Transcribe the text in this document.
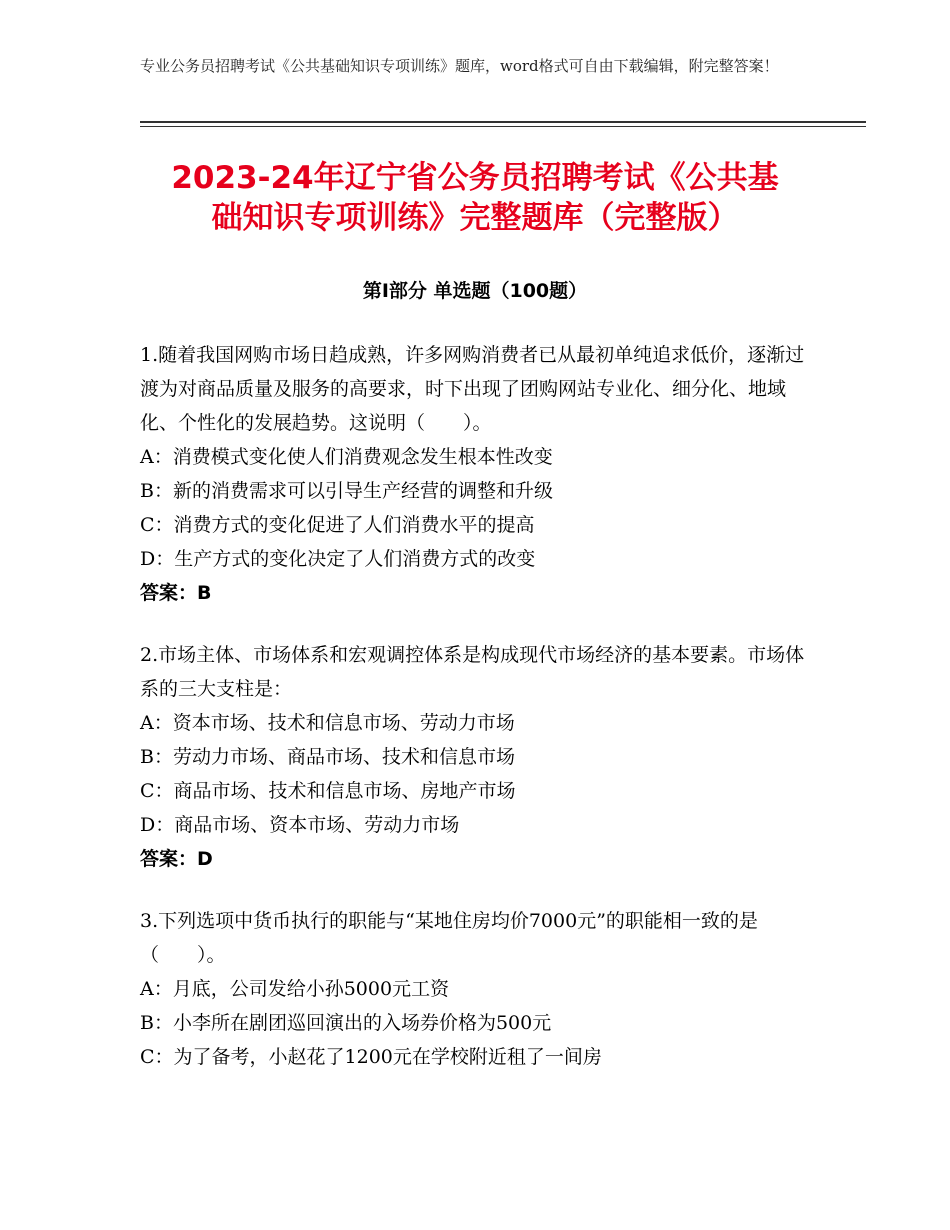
专业公务员招聘考试《公共基础知识专项训练》题库，word格式可自由下载编辑，附完整答案！
2023-24年辽宁省公务员招聘考试《公共基
础知识专项训练》完整题库（完整版）
第Ⅰ部分 单选题（100题）
1.随着我国网购市场日趋成熟，许多网购消费者已从最初单纯追求低价，逐渐过渡为对商品质量及服务的高要求，时下出现了团购网站专业化、细分化、地域化、个性化的发展趋势。这说明（　　）。
A：消费模式变化使人们消费观念发生根本性改变
B：新的消费需求可以引导生产经营的调整和升级
C：消费方式的变化促进了人们消费水平的提高
D：生产方式的变化决定了人们消费方式的改变
答案：B
2.市场主体、市场体系和宏观调控体系是构成现代市场经济的基本要素。市场体系的三大支柱是：
A：资本市场、技术和信息市场、劳动力市场
B：劳动力市场、商品市场、技术和信息市场
C：商品市场、技术和信息市场、房地产市场
D：商品市场、资本市场、劳动力市场
答案：D
3.下列选项中货币执行的职能与“某地住房均价7000元”的职能相一致的是（　　）。
A：月底，公司发给小孙5000元工资
B：小李所在剧团巡回演出的入场券价格为500元
C：为了备考，小赵花了1200元在学校附近租了一间房
